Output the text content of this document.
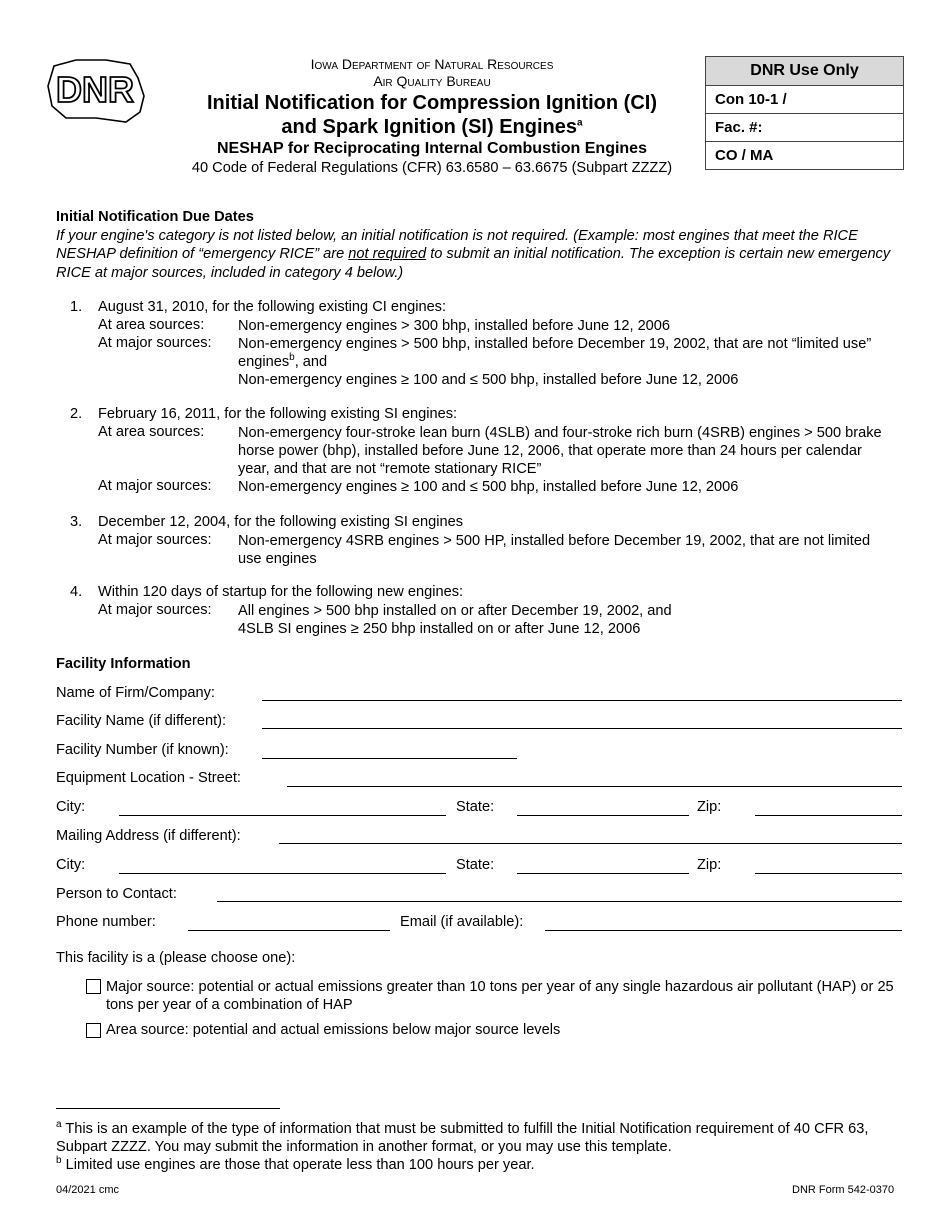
DNR
Iowa Department of Natural Resources
Air Quality Bureau
Initial Notification for Compression Ignition (CI)
and Spark Ignition (SI) Engines$^a$
NESHAP for Reciprocating Internal Combustion Engines
40 Code of Federal Regulations (CFR) 63.6580 – 63.6675 (Subpart ZZZZ)
DNR Use Only
Con 10-1 /
Fac. #:
CO / MA
Initial Notification Due Dates
If your engine's category is not listed below, an initial notification is not required. (Example: most engines that meet the RICE NESHAP definition of “emergency RICE” are not required to submit an initial notification. The exception is certain new emergency RICE at major sources, included in category 4 below.)
1. August 31, 2010, for the following existing CI engines:
At area sources: Non-emergency engines > 300 bhp, installed before June 12, 2006
At major sources: Non-emergency engines > 500 bhp, installed before December 19, 2002, that are not “limited use” engines$^b$, and
Non-emergency engines ≥ 100 and ≤ 500 bhp, installed before June 12, 2006
2. February 16, 2011, for the following existing SI engines:
At area sources: Non-emergency four-stroke lean burn (4SLB) and four-stroke rich burn (4SRB) engines > 500 brake horse power (bhp), installed before June 12, 2006, that operate more than 24 hours per calendar year, and that are not “remote stationary RICE”
At major sources: Non-emergency engines ≥ 100 and ≤ 500 bhp, installed before June 12, 2006
3. December 12, 2004, for the following existing SI engines
At major sources: Non-emergency 4SRB engines > 500 HP, installed before December 19, 2002, that are not limited use engines
4. Within 120 days of startup for the following new engines:
At major sources: All engines > 500 bhp installed on or after December 19, 2002, and
4SLB SI engines ≥ 250 bhp installed on or after June 12, 2006
Facility Information
Name of Firm/Company:
Facility Name (if different):
Facility Number (if known):
Equipment Location - Street:
City:	State:	Zip:
Mailing Address (if different):
City:	State:	Zip:
Person to Contact:
Phone number:	Email (if available):
This facility is a (please choose one):
Major source: potential or actual emissions greater than 10 tons per year of any single hazardous air pollutant (HAP) or 25 tons per year of a combination of HAP
Area source: potential and actual emissions below major source levels
$^a$ This is an example of the type of information that must be submitted to fulfill the Initial Notification requirement of 40 CFR 63, Subpart ZZZZ. You may submit the information in another format, or you may use this template.
$^b$ Limited use engines are those that operate less than 100 hours per year.
04/2021 cmc	DNR Form 542-0370
